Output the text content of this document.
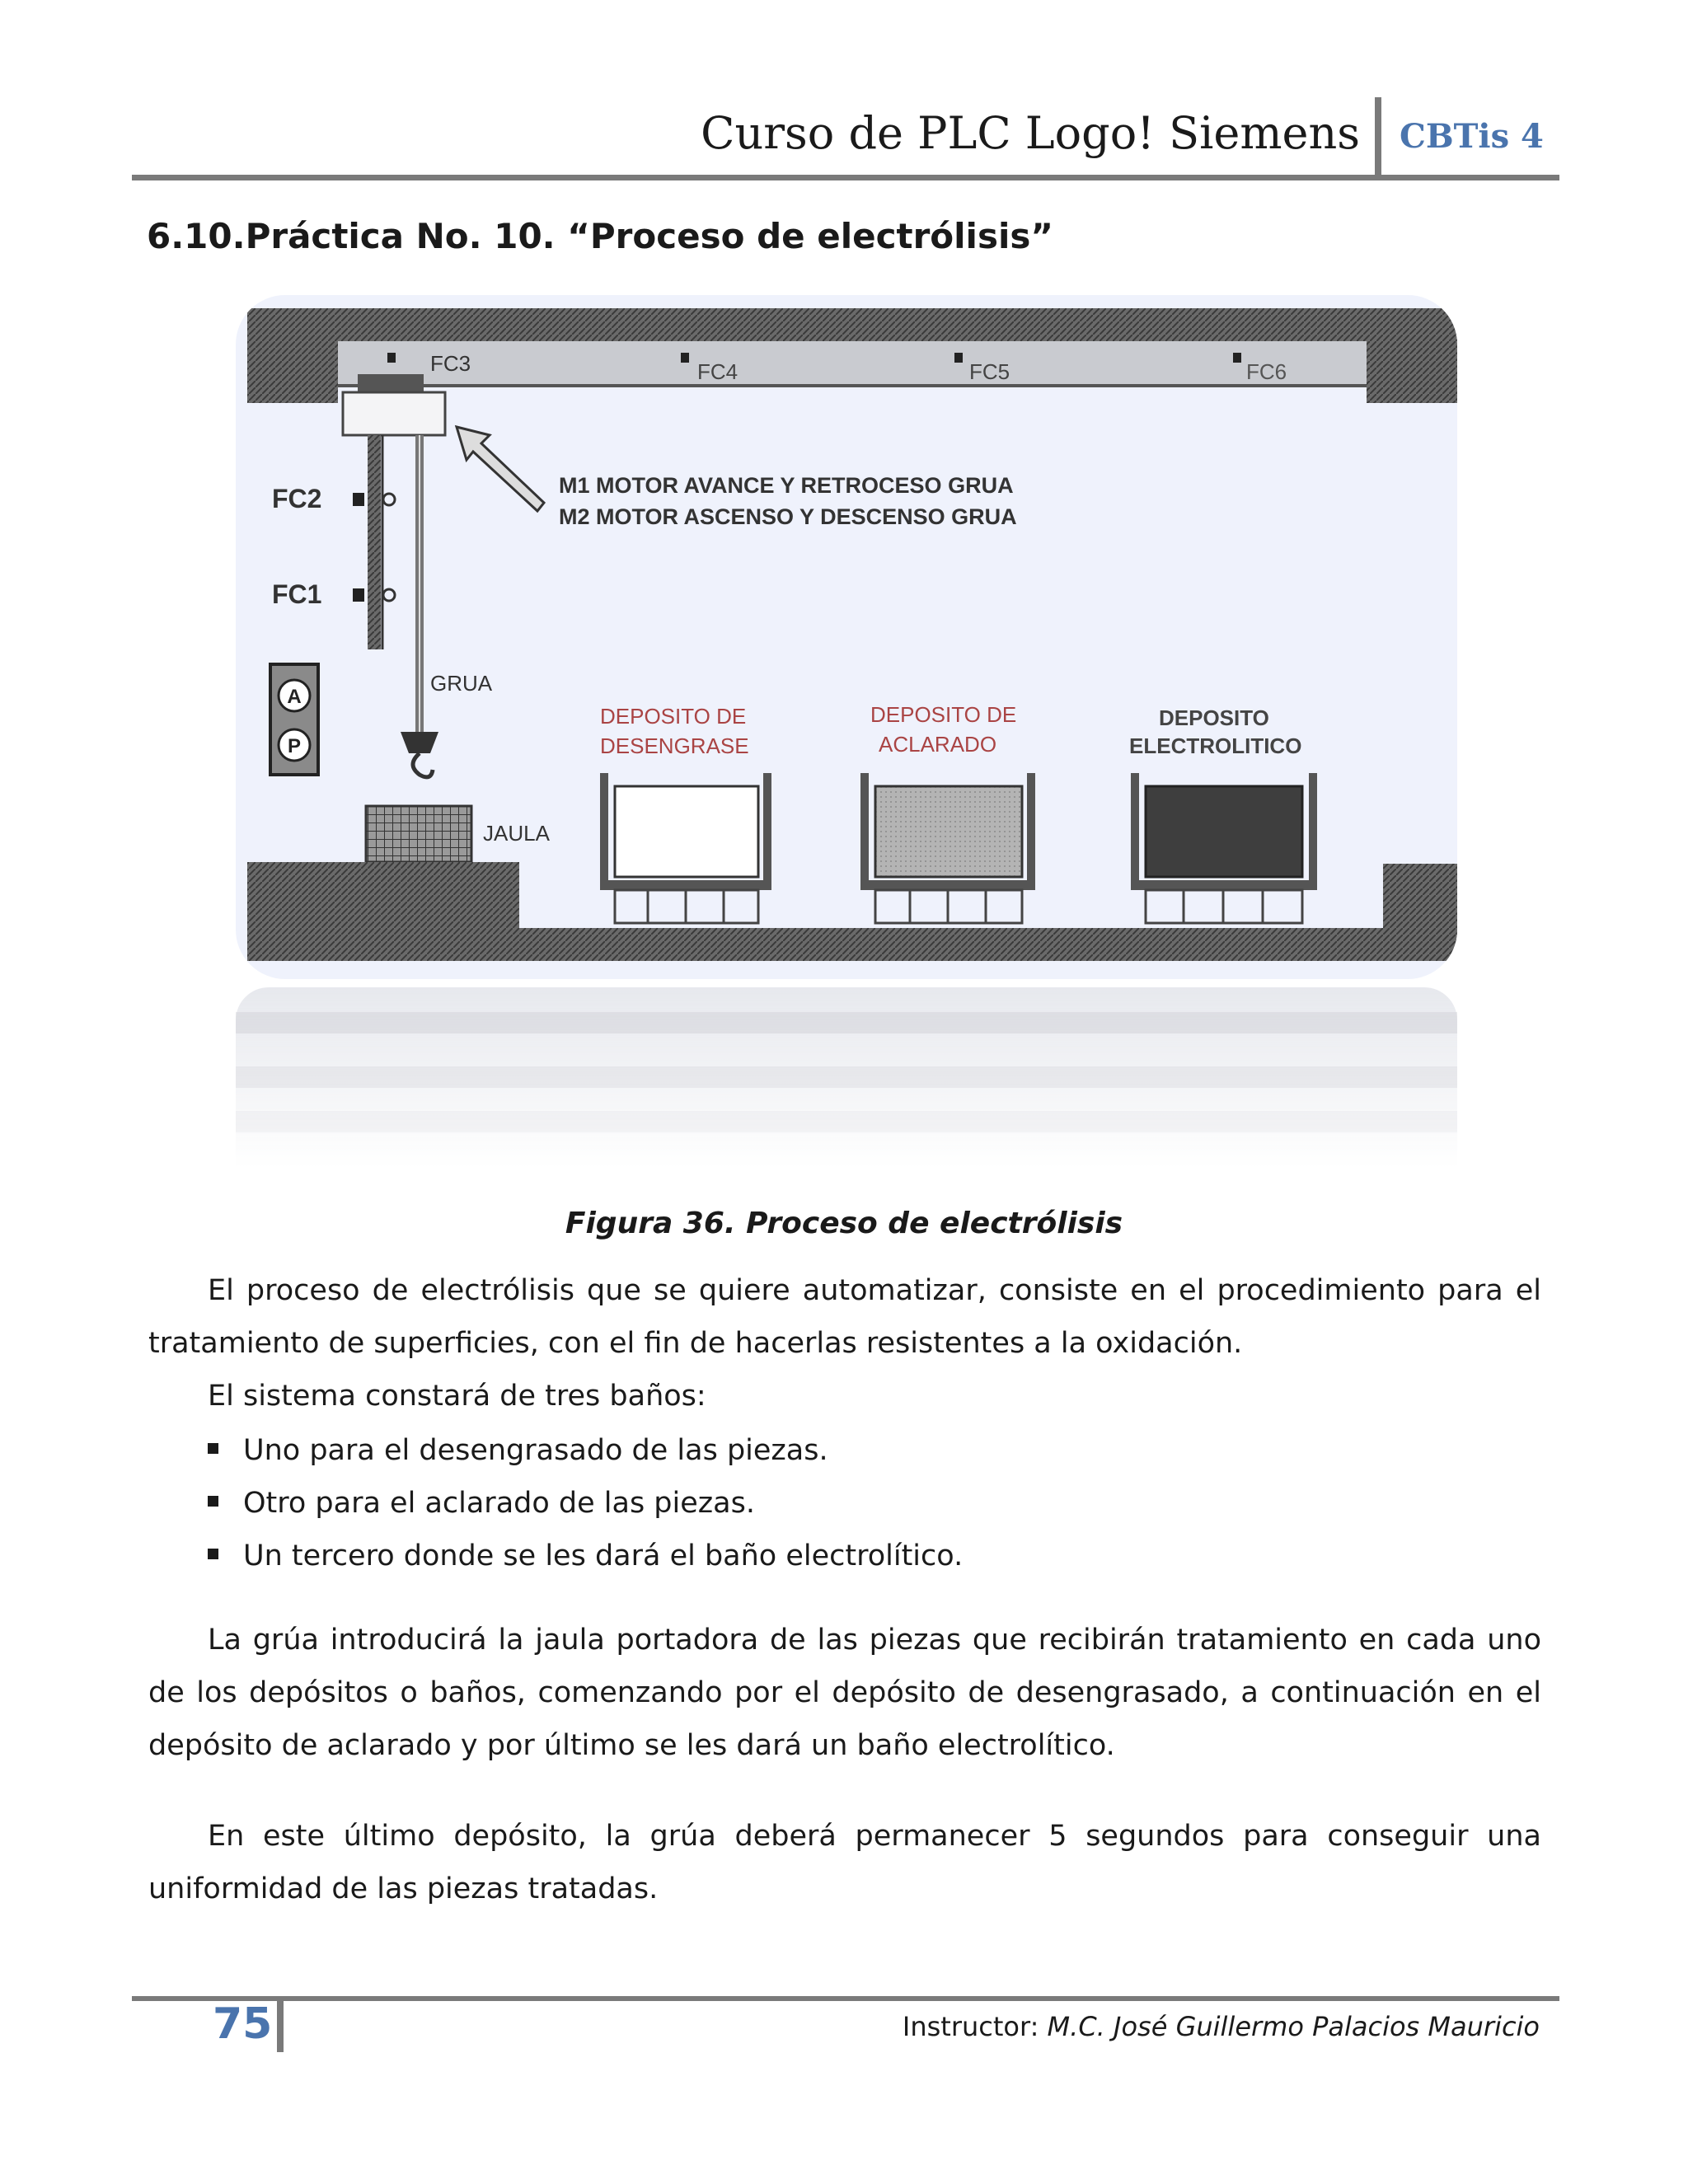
Curso de PLC Logo! Siemens CBTis 4
6.10.Práctica No. 10. “Proceso de electrólisis”
FC3	FC4	FC5	FC6
FC2
FC1
GRUA
M1 MOTOR AVANCE Y RETROCESO GRUA
M2 MOTOR ASCENSO Y DESCENSO GRUA
A
P
JAULA
DEPOSITO DE
DESENGRASE
DEPOSITO DE
ACLARADO
DEPOSITO
ELECTROLITICO
Figura 36. Proceso de electrólisis
El proceso de electrólisis que se quiere automatizar, consiste en el procedimiento para el tratamiento de superficies, con el fin de hacerlas resistentes a la oxidación.
El sistema constará de tres baños:
Uno para el desengrasado de las piezas.
Otro para el aclarado de las piezas.
Un tercero donde se les dará el baño electrolítico.
La grúa introducirá la jaula portadora de las piezas que recibirán tratamiento en cada uno de los depósitos o baños, comenzando por el depósito de desengrasado, a continuación en el depósito de aclarado y por último se les dará un baño electrolítico.
En este último depósito, la grúa deberá permanecer 5 segundos para conseguir una uniformidad de las piezas tratadas.
75	Instructor: M.C. José Guillermo Palacios Mauricio
